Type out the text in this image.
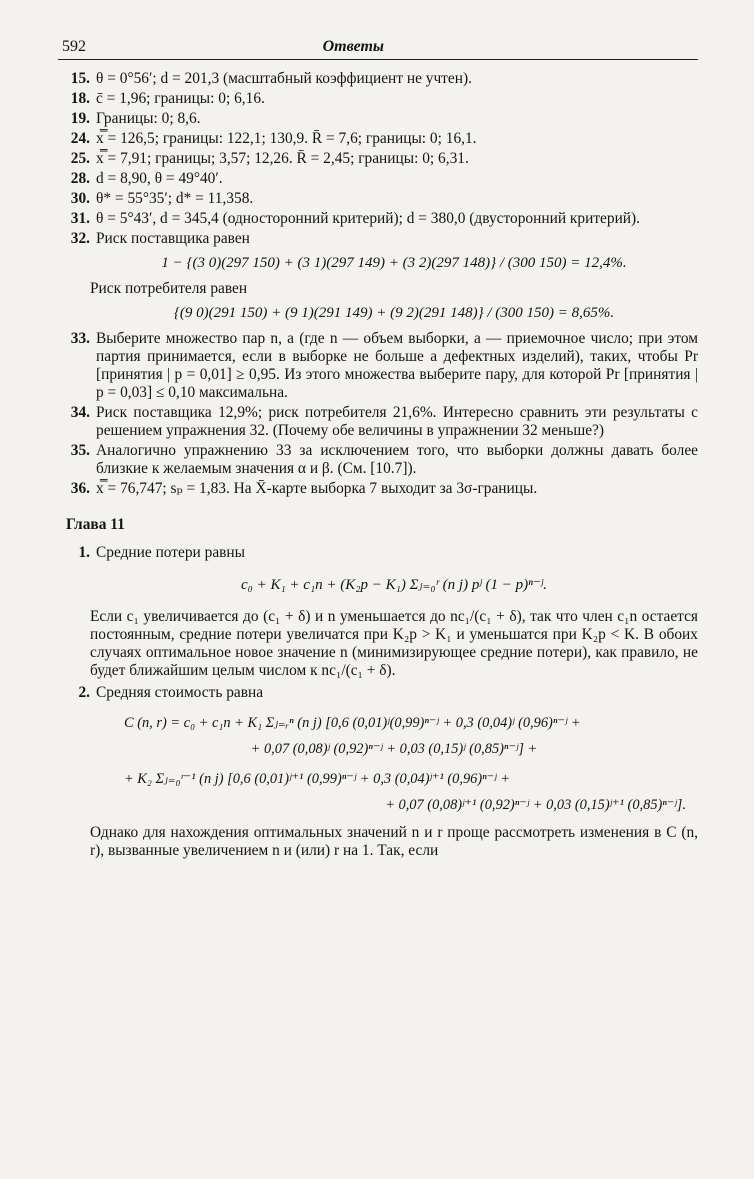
592	Ответы
15. θ = 0°56′; d = 201,3 (масштабный коэффициент не учтен).
18. c̄ = 1,96; границы: 0; 6,16.
19. Границы: 0; 8,6.
24. x̿ = 126,5; границы: 122,1; 130,9. R̄ = 7,6; границы: 0; 16,1.
25. x̿ = 7,91; границы; 3,57; 12,26. R̄ = 2,45; границы: 0; 6,31.
28. d = 8,90, θ = 49°40′.
30. θ* = 55°35′; d* = 11,358.
31. θ = 5°43′, d = 345,4 (односторонний критерий); d = 380,0 (двусторонний критерий).
32. Риск поставщика равен
1 − {(3 0)(297 150) + (3 1)(297 149) + (3 2)(297 148)} / (300 150) = 12,4%.
Риск потребителя равен
{(9 0)(291 150) + (9 1)(291 149) + (9 2)(291 148)} / (300 150) = 8,65%.
33. Выберите множество пар n, a (где n — объем выборки, a — приемочное число; при этом партия принимается, если в выборке не больше a дефектных изделий), таких, чтобы Pr [принятия | p = 0,01] ≥ 0,95. Из этого множества выберите пару, для которой Pr [принятия | p = 0,03] ≤ 0,10 максимальна.
34. Риск поставщика 12,9%; риск потребителя 21,6%. Интересно сравнить эти результаты с решением упражнения 32. (Почему обе величины в упражнении 32 меньше?)
35. Аналогично упражнению 33 за исключением того, что выборки должны давать более близкие к желаемым значения α и β. (См. [10.7]).
36. x̿ = 76,747; sₚ = 1,83. На X̄-карте выборка 7 выходит за 3σ-границы.
Глава 11
1. Средние потери равны
c₀ + K₁ + c₁n + (K₂p − K₁) Σⱼ₌₀ʳ (n j) pʲ (1 − p)ⁿ⁻ʲ.
Если c₁ увеличивается до (c₁ + δ) и n уменьшается до nc₁/(c₁ + δ), так что член c₁n остается постоянным, средние потери увеличатся при K₂p > K₁ и уменьшатся при K₂p < K. В обоих случаях оптимальное новое значение n (минимизирующее средние потери), как правило, не будет ближайшим целым числом к nc₁/(c₁ + δ).
2. Средняя стоимость равна
C (n, r) = c₀ + c₁n + K₁ Σⱼ₌ᵣⁿ (n j) [0,6 (0,01)ʲ(0,99)ⁿ⁻ʲ + 0,3 (0,04)ʲ (0,96)ⁿ⁻ʲ +
+ 0,07 (0,08)ʲ (0,92)ⁿ⁻ʲ + 0,03 (0,15)ʲ (0,85)ⁿ⁻ʲ] +
+ K₂ Σⱼ₌₀ʳ⁻¹ (n j) [0,6 (0,01)ʲ⁺¹ (0,99)ⁿ⁻ʲ + 0,3 (0,04)ʲ⁺¹ (0,96)ⁿ⁻ʲ +
+ 0,07 (0,08)ʲ⁺¹ (0,92)ⁿ⁻ʲ + 0,03 (0,15)ʲ⁺¹ (0,85)ⁿ⁻ʲ].
Однако для нахождения оптимальных значений n и r проще рассмотреть изменения в C (n, r), вызванные увеличением n и (или) r на 1. Так, если
